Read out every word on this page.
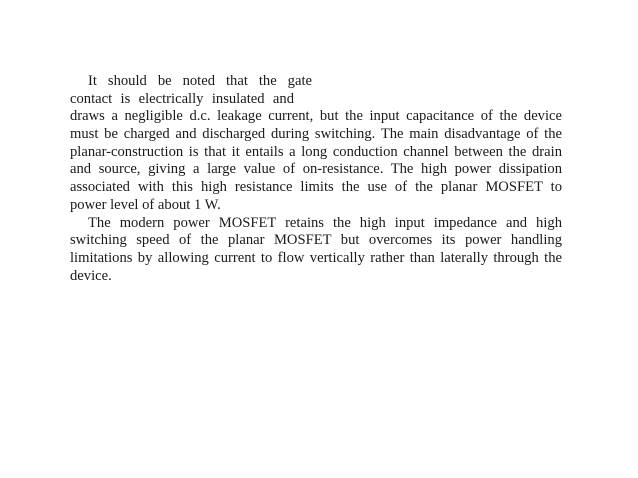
It should be noted that the gate
contact is electrically insulated and
draws a negligible d.c. leakage current, but the input capacitance of the device
must be charged and discharged during switching. The main disadvantage of the
planar-construction is that it entails a long conduction channel between the drain
and source, giving a large value of on-resistance. The high power dissipation
associated with this high resistance limits the use of the planar MOSFET to
power level of about 1 W.
The modern power MOSFET retains the high input impedance and high
switching speed of the planar MOSFET but overcomes its power handling
limitations by allowing current to flow vertically rather than laterally through the
device.
